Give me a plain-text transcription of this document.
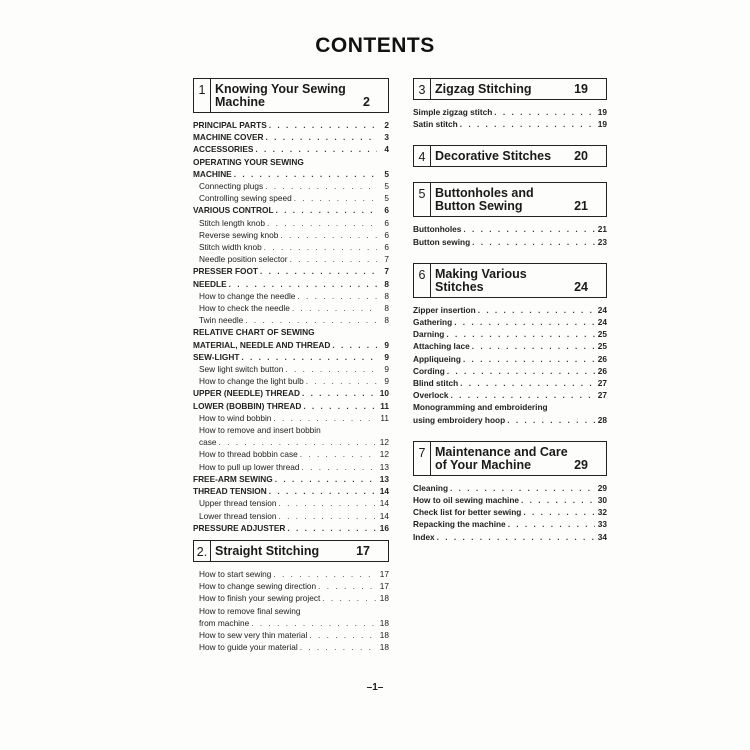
CONTENTS
1 Knowing Your Sewing Machine	2
PRINCIPAL PARTS . . .	2
MACHINE COVER . . .	3
ACCESSORIES . . .	4
OPERATING YOUR SEWING
MACHINE . . .	5
Connecting plugs . . .	5
Controlling sewing speed . . .	5
VARIOUS CONTROL . . .	6
Stitch length knob . . .	6
Reverse sewing knob . . .	6
Stitch width knob . . .	6
Needle position selector . . .	7
PRESSER FOOT . . .	7
NEEDLE . . .	8
How to change the needle . . .	8
How to check the needle . . .	8
Twin needle . . .	8
RELATIVE CHART OF SEWING
MATERIAL, NEEDLE AND THREAD . . .	9
SEW-LIGHT . . .	9
Sew light switch button . . .	9
How to change the light bulb . . .	9
UPPER (NEEDLE) THREAD . . .	10
LOWER (BOBBIN) THREAD . . .	11
How to wind bobbin . . .	11
How to remove and insert bobbin
case . . .	12
How to thread bobbin case . . .	12
How to pull up lower thread . . .	13
FREE-ARM SEWING . . .	13
THREAD TENSION . . .	14
Upper thread tension . . .	14
Lower thread tension . . .	14
PRESSURE ADJUSTER . . .	16
2. Straight Stitching	17
How to start sewing . . .	17
How to change sewing direction . . .	17
How to finish your sewing project . . .	18
How to remove final sewing
from machine . . .	18
How to sew very thin material . . .	18
How to guide your material . . .	18
3 Zigzag Stitching	19
Simple zigzag stitch . . .	19
Satin stitch . . .	19
4 Decorative Stitches 20
5 Buttonholes and Button Sewing	21
Buttonholes . . .	21
Button sewing . . .	23
6 Making Various Stitches	24
Zipper insertion . . .	24
Gathering . . .	24
Darning . . .	25
Attaching lace . . .	25
Appliqueing . . .	26
Cording . . .	26
Blind stitch . . .	27
Overlock . . .	27
Monogramming and embroidering
using embroidery hoop . . .	28
7 Maintenance and Care of Your Machine	29
Cleaning . . .	29
How to oil sewing machine . . .	30
Check list for better sewing . . .	32
Repacking the machine . . .	33
Index . . .	34
–1–
